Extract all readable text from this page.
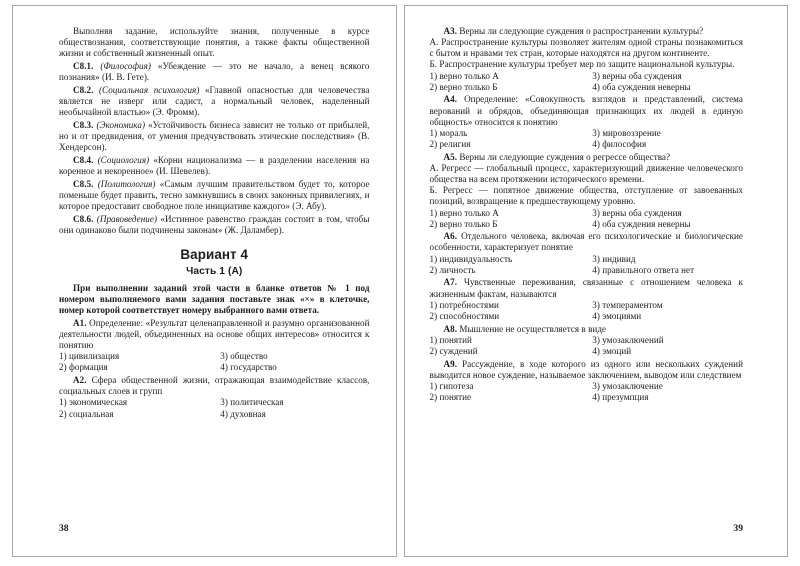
Выполняя задание, используйте знания, полученные в курсе обществознания, соответствующие понятия, а также факты общественной жизни и собственный жизненный опыт.

С8.1. (Философия) «Убеждение — это не начало, а венец всякого познания» (И. В. Гете).

С8.2. (Социальная психология) «Главной опасностью для человечества является не изверг или садист, а нормальный человек, наделенный необычайной властью» (Э. Фромм).

С8.3. (Экономика) «Устойчивость бизнеса зависит не только от прибылей, но и от предвидения, от умения предчувствовать этические последствия» (В. Хендерсон).

С8.4. (Социология) «Корни национализма — в разделении населения на коренное и некоренное» (И. Шевелев).

С8.5. (Политология) «Самым лучшим правительством будет то, которое поменьше будет править, тесно замкнувшись в своих законных привилегиях, и которое предоставит свободное поле инициативе каждого» (Э. Абу).

С8.6. (Правоведение) «Истинное равенство граждан состоит в том, чтобы они одинаково были подчинены законам» (Ж. Даламбер).

Вариант 4

Часть 1 (А)

При выполнении заданий этой части в бланке ответов № 1 под номером выполняемого вами задания поставьте знак «×» в клеточке, номер которой соответствует номеру выбранного вами ответа.

А1. Определение: «Результат целенаправленной и разумно организованной деятельности людей, объединенных на основе общих интересов» относится к понятию

1) цивилизация

2) формация

3) общество

4) государство

А2. Сфера общественной жизни, отражающая взаимодействие классов, социальных слоев и групп

1) экономическая

2) социальная

3) политическая

4) духовная

38

А3. Верны ли следующие суждения о распространении культуры?

А. Распространение культуры позволяет жителям одной страны познакомиться с бытом и нравами тех стран, которые находятся на другом континенте.

Б. Распространение культуры требует мер по защите национальной культуры.

1) верно только А

2) верно только Б

3) верны оба суждения

4) оба суждения неверны

А4. Определение: «Совокупность взглядов и представлений, система верований и обрядов, объединяющая признающих их людей в единую общность» относится к понятию

1) мораль

2) религия

3) мировоззрение

4) философия

А5. Верны ли следующие суждения о регрессе общества?

А. Регресс — глобальный процесс, характеризующий движение человеческого общества на всем протяжении исторического времени.

Б. Регресс — попятное движение общества, отступление от завоеванных позиций, возвращение к предшествующему уровню.

1) верно только А

2) верно только Б

3) верны оба суждения

4) оба суждения неверны

А6. Отдельного человека, включая его психологические и биологические особенности, характеризует понятие

1) индивидуальность

2) личность

3) индивид

4) правильного ответа нет

А7. Чувственные переживания, связанные с отношением человека к жизненным фактам, называются

1) потребностями

2) способностями

3) темпераментом

4) эмоциями

А8. Мышление не осуществляется в виде

1) понятий

2) суждений

3) умозаключений

4) эмоций

А9. Рассуждение, в ходе которого из одного или нескольких суждений выводится новое суждение, называемое заключением, выводом или следствием

1) гипотеза

2) понятие

3) умозаключение

4) презумпция

39
